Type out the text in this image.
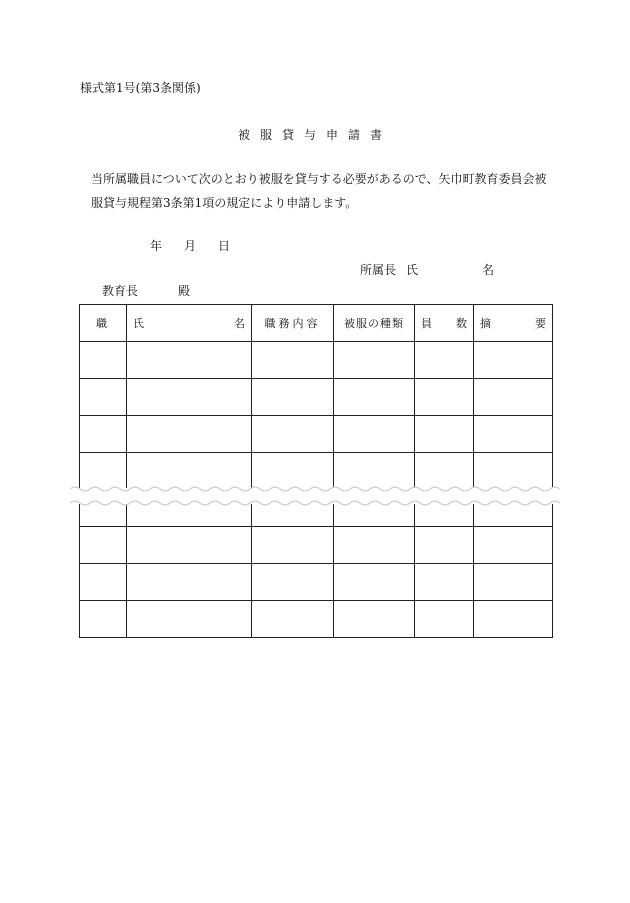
様式第1号(第3条関係)
被服貸与申請書
当所属職員について次のとおり被服を貸与する必要があるので、矢巾町教育委員会被
服貸与規程第3条第1項の規定により申請します。
年 月 日
所属長 氏	名
教育長	殿
職	氏 名	職務内容	被服の種類	員 数	摘 要
